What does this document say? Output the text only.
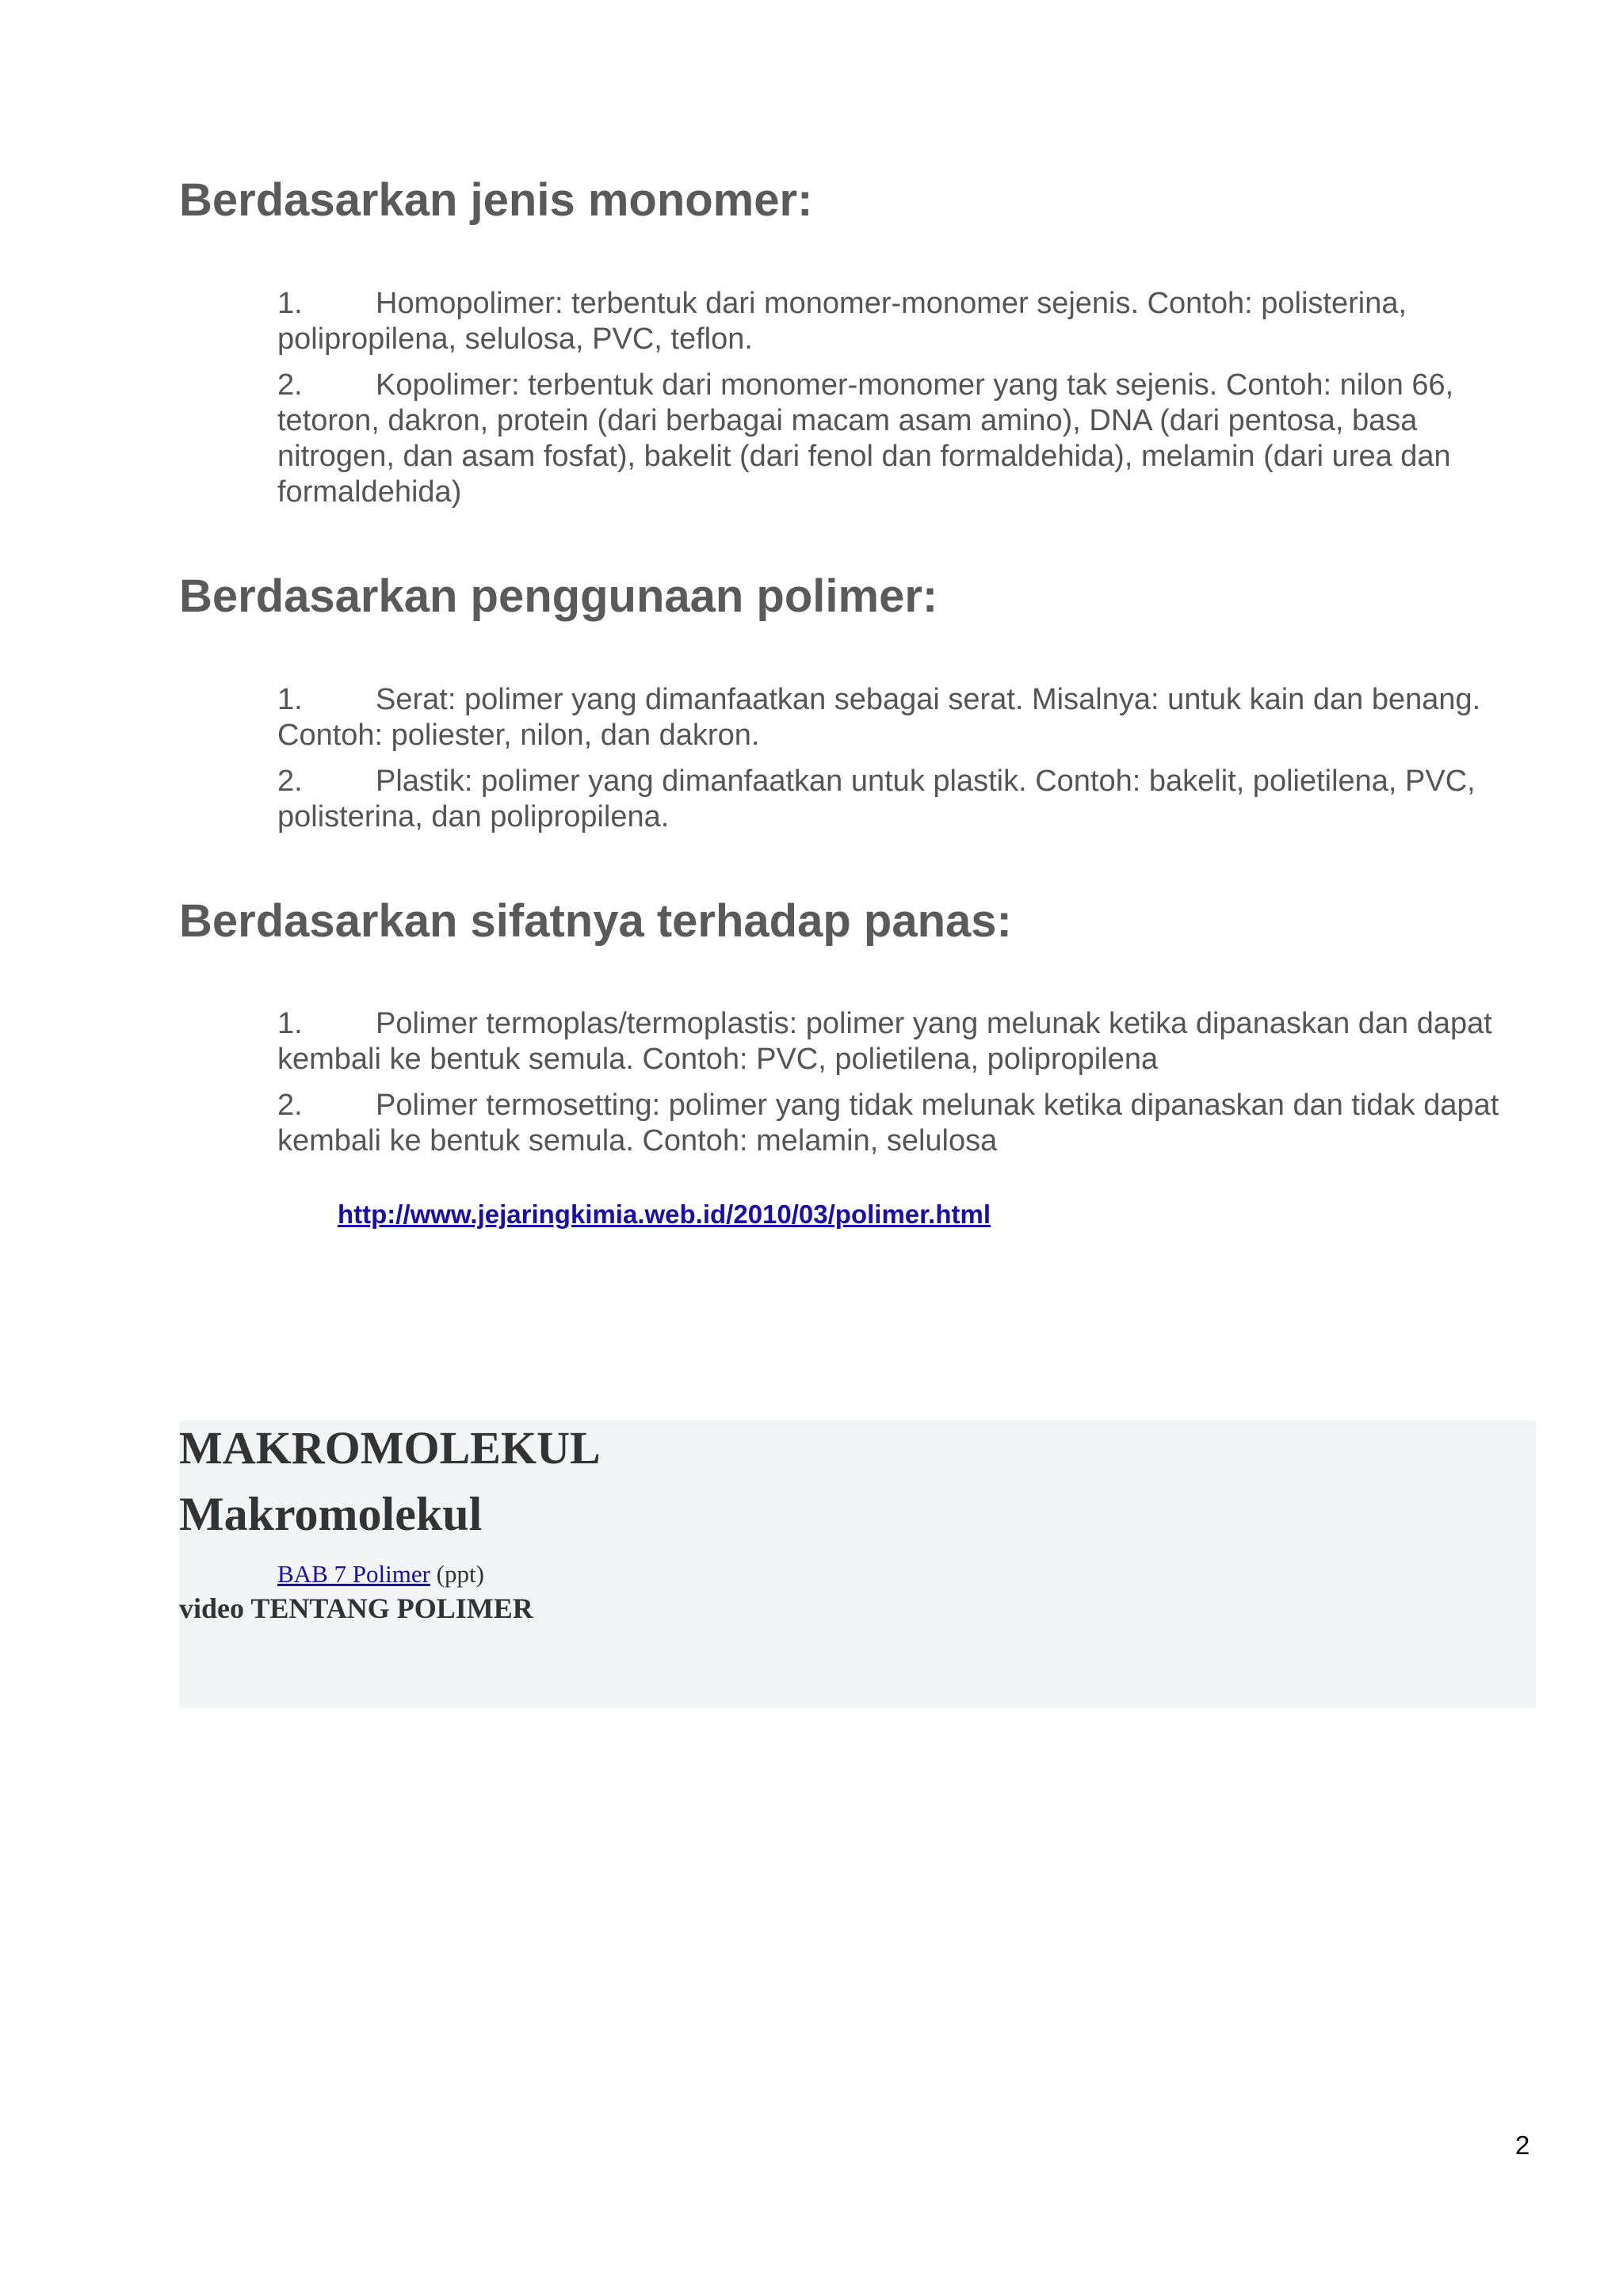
Berdasarkan jenis monomer:
1. Homopolimer: terbentuk dari monomer-monomer sejenis. Contoh: polisterina, polipropilena, selulosa, PVC, teflon.
2. Kopolimer: terbentuk dari monomer-monomer yang tak sejenis. Contoh: nilon 66, tetoron, dakron, protein (dari berbagai macam asam amino), DNA (dari pentosa, basa nitrogen, dan asam fosfat), bakelit (dari fenol dan formaldehida), melamin (dari urea dan formaldehida)
Berdasarkan penggunaan polimer:
1. Serat: polimer yang dimanfaatkan sebagai serat. Misalnya: untuk kain dan benang. Contoh: poliester, nilon, dan dakron.
2. Plastik: polimer yang dimanfaatkan untuk plastik. Contoh: bakelit, polietilena, PVC, polisterina, dan polipropilena.
Berdasarkan sifatnya terhadap panas:
1. Polimer termoplas/termoplastis: polimer yang melunak ketika dipanaskan dan dapat kembali ke bentuk semula. Contoh: PVC, polietilena, polipropilena
2. Polimer termosetting: polimer yang tidak melunak ketika dipanaskan dan tidak dapat kembali ke bentuk semula. Contoh: melamin, selulosa
http://www.jejaringkimia.web.id/2010/03/polimer.html
MAKROMOLEKUL
Makromolekul
BAB 7 Polimer (ppt)
video TENTANG POLIMER
2
